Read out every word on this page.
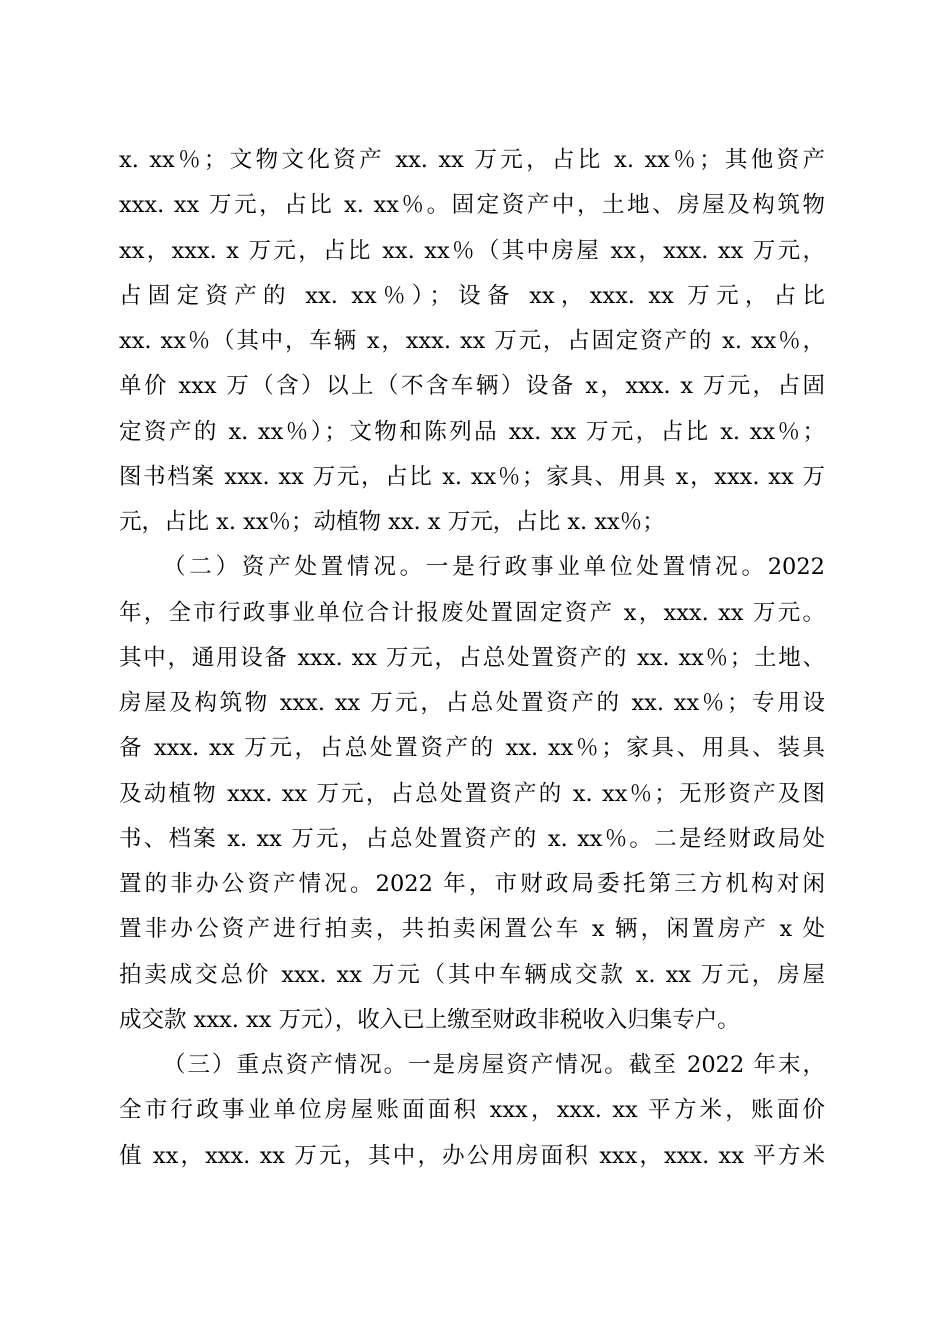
x. xx％；文物文化资产 xx. xx 万元，占比 x. xx％；其他资产
xxx. xx 万元，占比 x. xx％。固定资产中，土地、房屋及构筑物
xx，xxx. x 万元，占比 xx. xx％（其中房屋 xx，xxx. xx 万元，
占固定资产的 xx. xx％）；设备 xx，xxx. xx 万元，占比
xx. xx％（其中，车辆 x，xxx. xx 万元，占固定资产的 x. xx％，
单价 xxx 万（含）以上（不含车辆）设备 x，xxx. x 万元，占固
定资产的 x. xx％）；文物和陈列品 xx. xx 万元，占比 x. xx％；
图书档案 xxx. xx 万元，占比 x. xx％；家具、用具 x，xxx. xx 万
元，占比 x. xx％；动植物 xx. x 万元，占比 x. xx％；
（二）资产处置情况。一是行政事业单位处置情况。2022
年，全市行政事业单位合计报废处置固定资产 x，xxx. xx 万元。
其中，通用设备 xxx. xx 万元，占总处置资产的 xx. xx％；土地、
房屋及构筑物 xxx. xx 万元，占总处置资产的 xx. xx％；专用设
备 xxx. xx 万元，占总处置资产的 xx. xx％；家具、用具、装具
及动植物 xxx. xx 万元，占总处置资产的 x. xx％；无形资产及图
书、档案 x. xx 万元，占总处置资产的 x. xx％。二是经财政局处
置的非办公资产情况。2022 年，市财政局委托第三方机构对闲
置非办公资产进行拍卖，共拍卖闲置公车 x 辆，闲置房产 x 处
拍卖成交总价 xxx. xx 万元（其中车辆成交款 x. xx 万元，房屋
成交款 xxx. xx 万元），收入已上缴至财政非税收入归集专户。
（三）重点资产情况。一是房屋资产情况。截至 2022 年末，
全市行政事业单位房屋账面面积 xxx，xxx. xx 平方米，账面价
值 xx，xxx. xx 万元，其中，办公用房面积 xxx，xxx. xx 平方米
